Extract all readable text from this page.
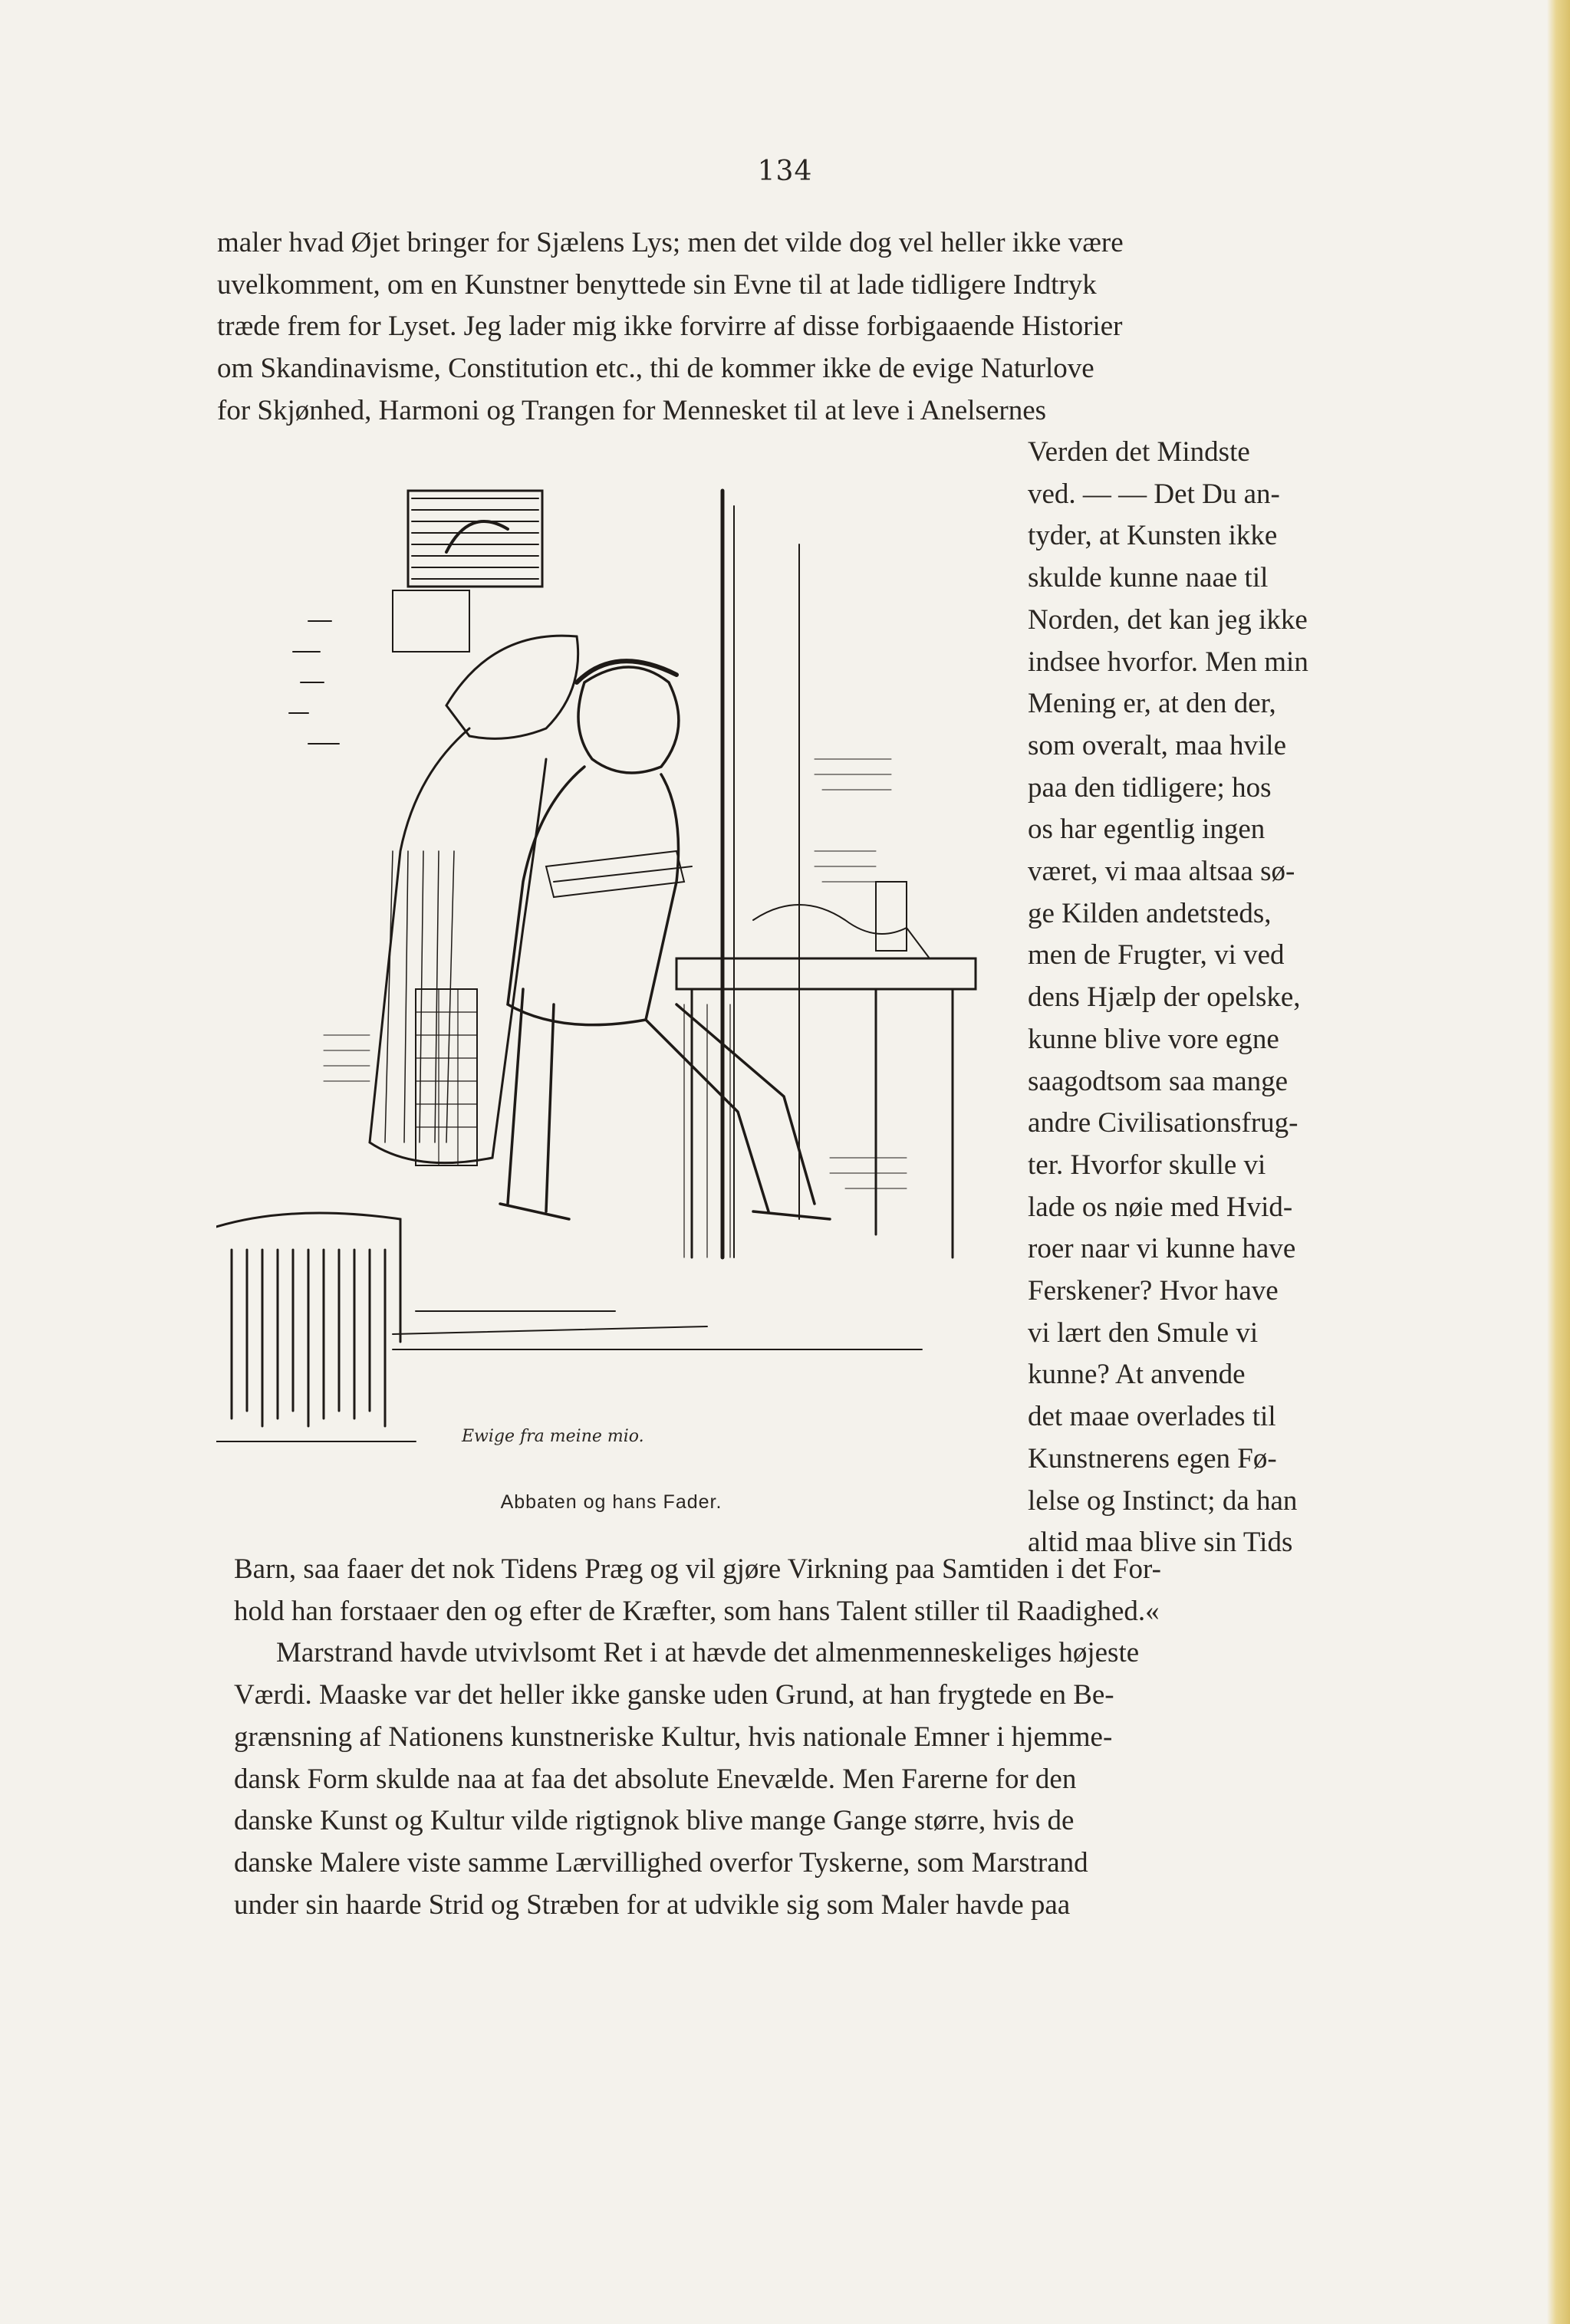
134
maler hvad Øjet bringer for Sjælens Lys; men det vilde dog vel heller ikke være
uvelkomment, om en Kunstner benyttede sin Evne til at lade tidligere Indtryk
træde frem for Lyset. Jeg lader mig ikke forvirre af disse forbigaaende Historier
om Skandinavisme, Constitution etc., thi de kommer ikke de evige Naturlove
for Skjønhed, Harmoni og Trangen for Mennesket til at leve i Anelsernes
Verden det Mindste
ved. — — Det Du an-
tyder, at Kunsten ikke
skulde kunne naae til
Norden, det kan jeg ikke
indsee hvorfor. Men min
Mening er, at den der,
som overalt, maa hvile
paa den tidligere; hos
os har egentlig ingen
været, vi maa altsaa sø-
ge Kilden andetsteds,
men de Frugter, vi ved
dens Hjælp der opelske,
kunne blive vore egne
saagodtsom saa mange
andre Civilisationsfrug-
ter. Hvorfor skulle vi
lade os nøie med Hvid-
roer naar vi kunne have
Ferskener? Hvor have
vi lært den Smule vi
kunne? At anvende
det maae overlades til
Kunstnerens egen Fø-
lelse og Instinct; da han
altid maa blive sin Tids
Ewige fra meine mio.
Abbaten og hans Fader.
Barn, saa faaer det nok Tidens Præg og vil gjøre Virkning paa Samtiden i det For-
hold han forstaaer den og efter de Kræfter, som hans Talent stiller til Raadighed.«
Marstrand havde utvivlsomt Ret i at hævde det almenmenneskeliges højeste
Værdi. Maaske var det heller ikke ganske uden Grund, at han frygtede en Be-
grænsning af Nationens kunstneriske Kultur, hvis nationale Emner i hjemme-
dansk Form skulde naa at faa det absolute Enevælde. Men Farerne for den
danske Kunst og Kultur vilde rigtignok blive mange Gange større, hvis de
danske Malere viste samme Lærvillighed overfor Tyskerne, som Marstrand
under sin haarde Strid og Stræben for at udvikle sig som Maler havde paa
